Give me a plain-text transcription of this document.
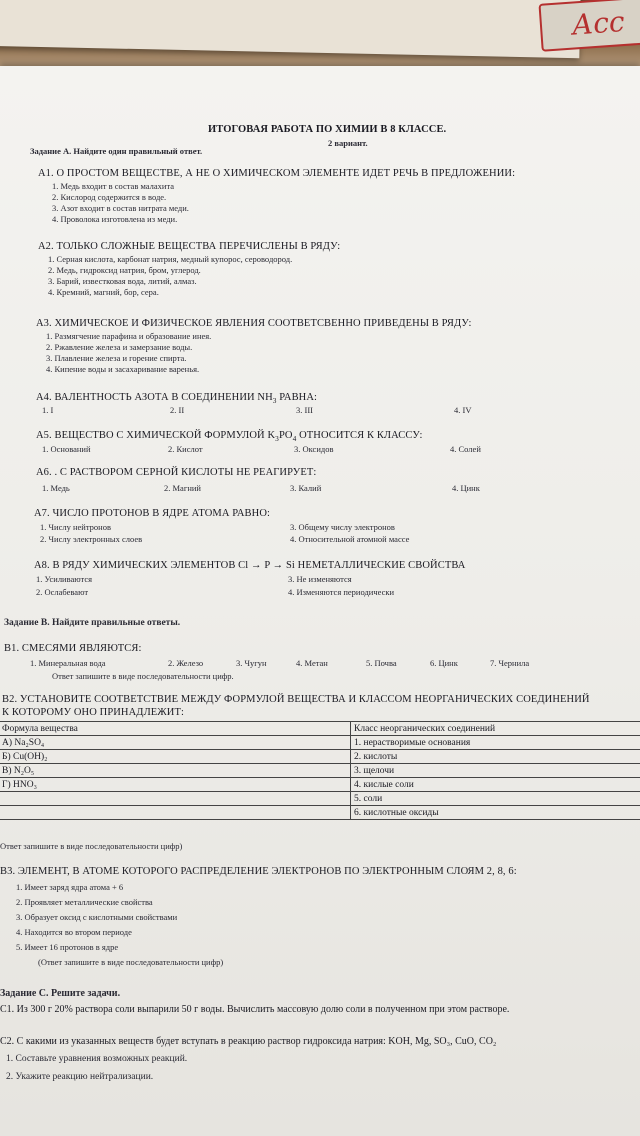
Асс
ИТОГОВАЯ РАБОТА ПО ХИМИИ В 8 КЛАССЕ.
2 вариант.
Задание А. Найдите один правильный ответ.
А1. О ПРОСТОМ ВЕЩЕСТВЕ, А НЕ О ХИМИЧЕСКОМ ЭЛЕМЕНТЕ ИДЕТ РЕЧЬ В ПРЕДЛОЖЕНИИ:
1. Медь входит в состав малахита
2. Кислород содержится в воде.
3. Азот входит в состав нитрата меди.
4. Проволока изготовлена из меди.
А2. ТОЛЬКО СЛОЖНЫЕ ВЕЩЕСТВА ПЕРЕЧИСЛЕНЫ В РЯДУ:
1. Серная кислота, карбонат натрия, медный купорос, сероводород.
2. Медь, гидроксид натрия, бром, углерод.
3. Барий, известковая вода, литий, алмаз.
4. Кремний, магний, бор, сера.
А3. ХИМИЧЕСКОЕ И ФИЗИЧЕСКОЕ ЯВЛЕНИЯ СООТВЕТСВЕННО ПРИВЕДЕНЫ В РЯДУ:
1. Размягчение парафина и образование инея.
2. Ржавление железа и замерзание воды.
3. Плавление железа и горение спирта.
4. Кипение воды и засахаривание варенья.
А4. ВАЛЕНТНОСТЬ АЗОТА В СОЕДИНЕНИИ $NH_3$ РАВНА:
1. I	2. II	3. III	4. IV
А5. ВЕЩЕСТВО С ХИМИЧЕСКОЙ ФОРМУЛОЙ $K_3PO_4$ ОТНОСИТСЯ К КЛАССУ:
1. Оснований	2. Кислот	3. Оксидов	4. Солей
А6. . С РАСТВОРОМ СЕРНОЙ КИСЛОТЫ НЕ РЕАГИРУЕТ:
1. Медь	2. Магний	3. Калий	4. Цинк
А7. ЧИСЛО ПРОТОНОВ В ЯДРЕ АТОМА РАВНО:
1. Числу нейтронов
2. Числу электронных слоев
3. Общему числу электронов
4. Относительной атомной массе
А8. В РЯДУ ХИМИЧЕСКИХ ЭЛЕМЕНТОВ Cl → P → Si НЕМЕТАЛЛИЧЕСКИЕ СВОЙСТВА
1. Усиливаются
2. Ослабевают
3. Не изменяются
4. Изменяются периодически
Задание В. Найдите правильные ответы.
В1. СМЕСЯМИ ЯВЛЯЮТСЯ:
1. Минеральная вода	2. Железо	3. Чугун	4. Метан	5. Почва	6. Цинк	7. Чернила
Ответ запишите в виде последовательности цифр.
В2. УСТАНОВИТЕ СООТВЕТСТВИЕ МЕЖДУ ФОРМУЛОЙ ВЕЩЕСТВА И КЛАССОМ НЕОРГАНИЧЕСКИХ СОЕДИНЕНИЙ
К КОТОРОМУ ОНО ПРИНАДЛЕЖИТ:
Формула вещества	Класс неорганических соединений
А) Na₂SO₄	1. нерастворимые основания
Б) Cu(OH)₂	2. кислоты
В) N₂O₅	3. щелочи
Г) HNO₃	4. кислые соли
	5. соли
	6. кислотные оксиды
Ответ запишите в виде последовательности цифр)
В3. ЭЛЕМЕНТ, В АТОМЕ КОТОРОГО РАСПРЕДЕЛЕНИЕ ЭЛЕКТРОНОВ ПО ЭЛЕКТРОННЫМ СЛОЯМ 2, 8, 6:
1. Имеет заряд ядра атома + 6
2. Проявляет металлические свойства
3. Образует оксид с кислотными свойствами
4. Находится во втором периоде
5. Имеет 16 протонов в ядре
(Ответ запишите в виде последовательности цифр)
Задание С. Решите задачи.
С1. Из 300 г 20% раствора соли выпарили 50 г воды. Вычислить массовую долю соли в полученном при этом растворе.
С2. С какими из указанных веществ будет вступать в реакцию раствор гидроксида натрия: KOH, Mg, SO₃, CuO, CO₂
1. Составьте уравнения возможных реакций.
2. Укажите реакцию нейтрализации.
